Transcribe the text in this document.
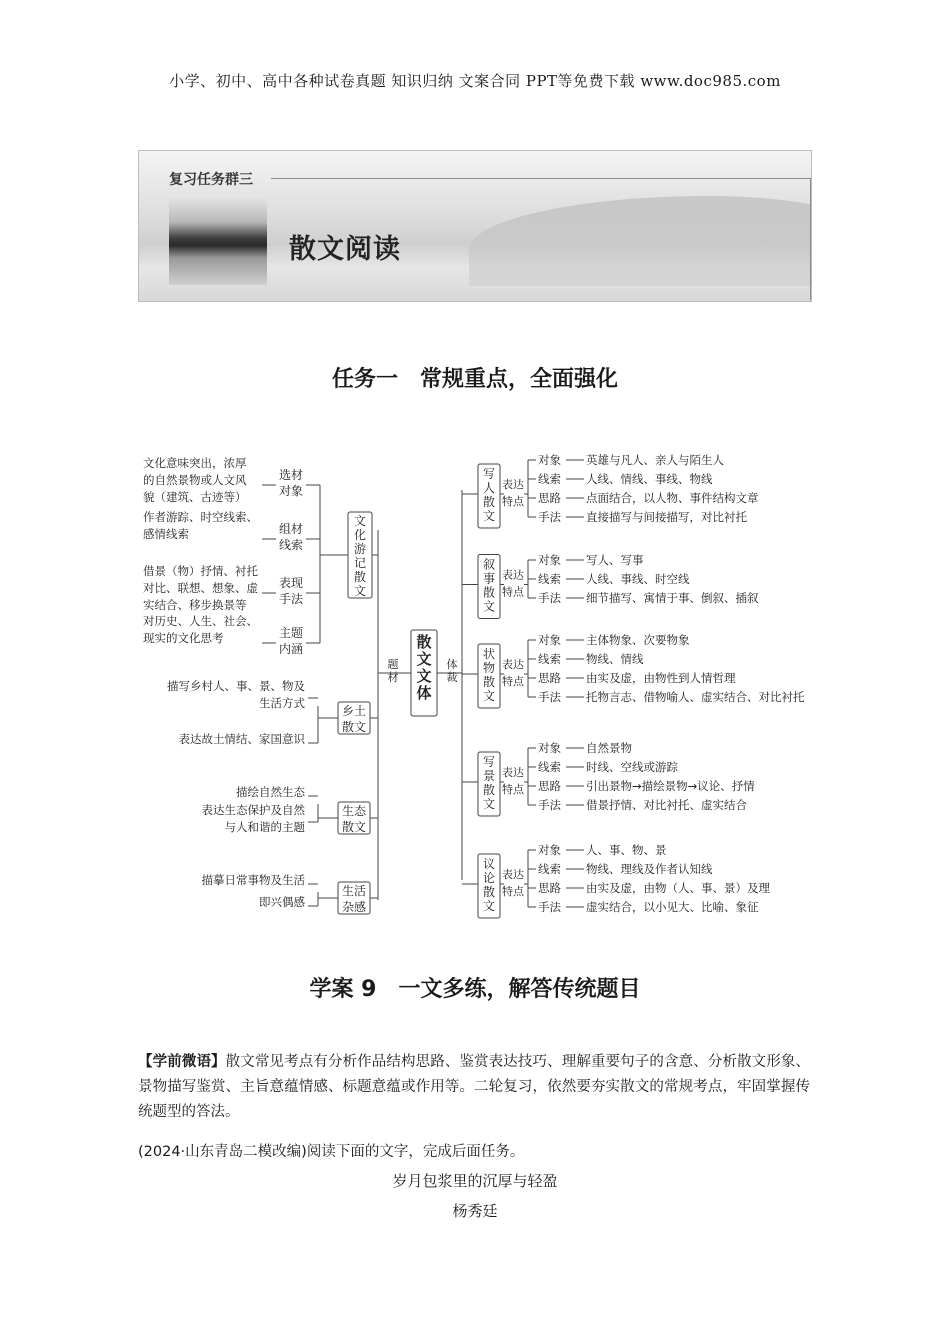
小学、初中、高中各种试卷真题 知识归纳 文案合同 PPT等免费下载 www.doc985.com
复习任务群三
散文阅读
任务一　常规重点，全面强化
散
文
文
体
题
材
体
裁
文
化
游
记
散
文
选材
对象
文化意味突出，浓厚
的自然景物或人文风
貌（建筑、古迹等）
组材
线索
作者游踪、时空线索、
感情线索
表现
手法
借景（物）抒情、衬托
对比、联想、想象、虚
实结合、移步换景等
主题
内涵
对历史、人生、社会、
现实的文化思考
乡土
散文
描写乡村人、事、景、物及
生活方式
表达故土情结、家国意识
生态
散文
描绘自然生态
表达生态保护及自然
与人和谐的主题
生活
杂感
描摹日常事物及生活
即兴偶感
写
人
散
文
表达
特点
对象 英雄与凡人、亲人与陌生人
线索 人线、情线、事线、物线
思路 点面结合，以人物、事件结构文章
手法 直接描写与间接描写，对比衬托
叙
事
散
文
表达
特点
对象 写人、写事
线索 人线、事线、时空线
手法 细节描写、寓情于事、倒叙、插叙
状
物
散
文
表达
特点
对象 主体物象、次要物象
线索 物线、情线
思路 由实及虚，由物性到人情哲理
手法 托物言志、借物喻人、虚实结合、对比衬托
写
景
散
文
表达
特点
对象 自然景物
线索 时线、空线或游踪
思路 引出景物→描绘景物→议论、抒情
手法 借景抒情、对比衬托、虚实结合
议
论
散
文
表达
特点
对象 人、事、物、景
线索 物线、理线及作者认知线
思路 由实及虚，由物（人、事、景）及理
手法 虚实结合，以小见大、比喻、象征
学案 9　一文多练，解答传统题目
【学前微语】散文常见考点有分析作品结构思路、鉴赏表达技巧、理解重要句子的含意、分析散文形象、景物描写鉴赏、主旨意蕴情感、标题意蕴或作用等。二轮复习，依然要夯实散文的常规考点，牢固掌握传统题型的答法。
(2024·山东青岛二模改编)阅读下面的文字，完成后面任务。
岁月包浆里的沉厚与轻盈
杨秀廷
